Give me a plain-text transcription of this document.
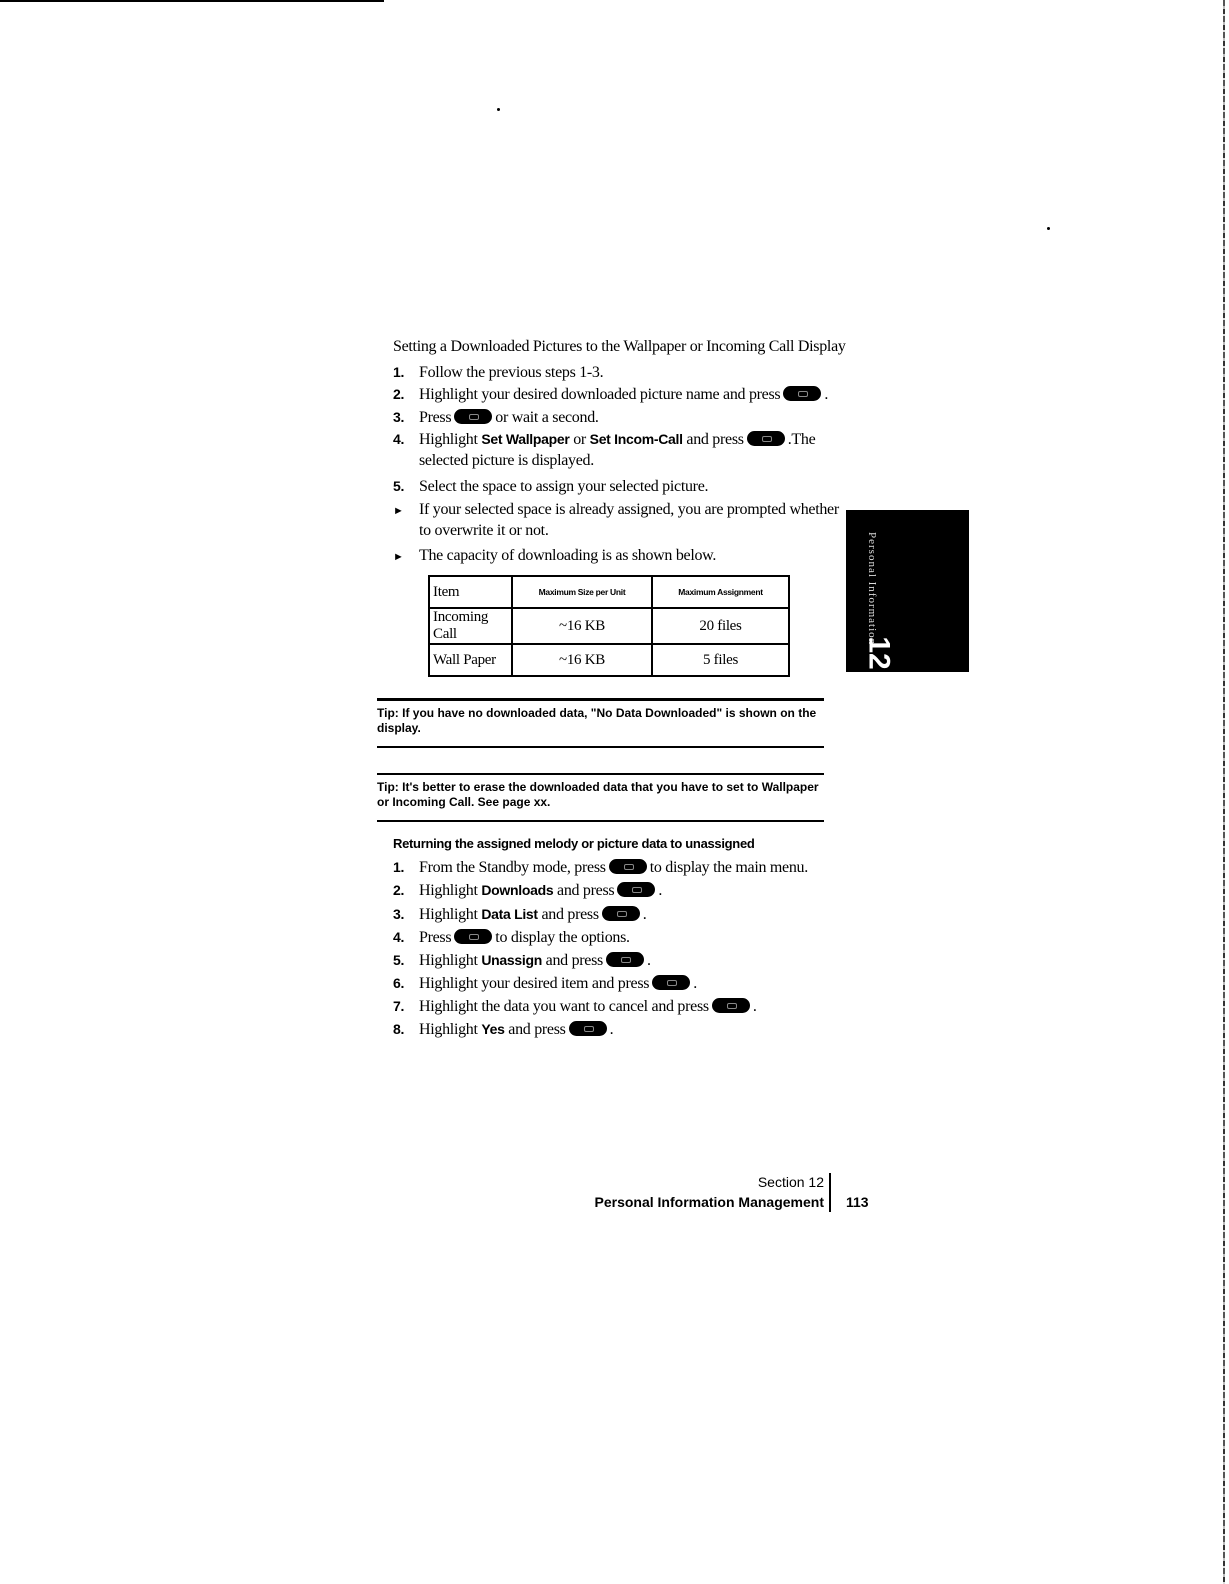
Setting a Downloaded Pictures to the Wallpaper or Incoming Call Display
1. Follow the previous steps 1-3.
2. Highlight your desired downloaded picture name and press	.
3. Press	or wait a second.
4. Highlight Set Wallpaper or Set Incom-Call and press	.The
selected picture is displayed.
5. Select the space to assign your selected picture.
► If your selected space is already assigned, you are prompted whether
to overwrite it or not.
► The capacity of downloading is as shown below.
Item	Maximum Size per Unit	Maximum Assignment
Incoming Call	~16 KB	20 files
Wall Paper	~16 KB	5 files
Tip: If you have no downloaded data, "No Data Downloaded" is shown on the display.
Tip: It's better to erase the downloaded data that you have to set to Wallpaper or Incoming Call. See page xx.
Returning the assigned melody or picture data to unassigned
1. From the Standby mode, press	to display the main menu.
2. Highlight Downloads and press	.
3. Highlight Data List and press	.
4. Press	to display the options.
5. Highlight Unassign and press	.
6. Highlight your desired item and press	.
7. Highlight the data you want to cancel and press	.
8. Highlight Yes and press	.
Personal Information
12
Section 12
Personal Information Management 113
